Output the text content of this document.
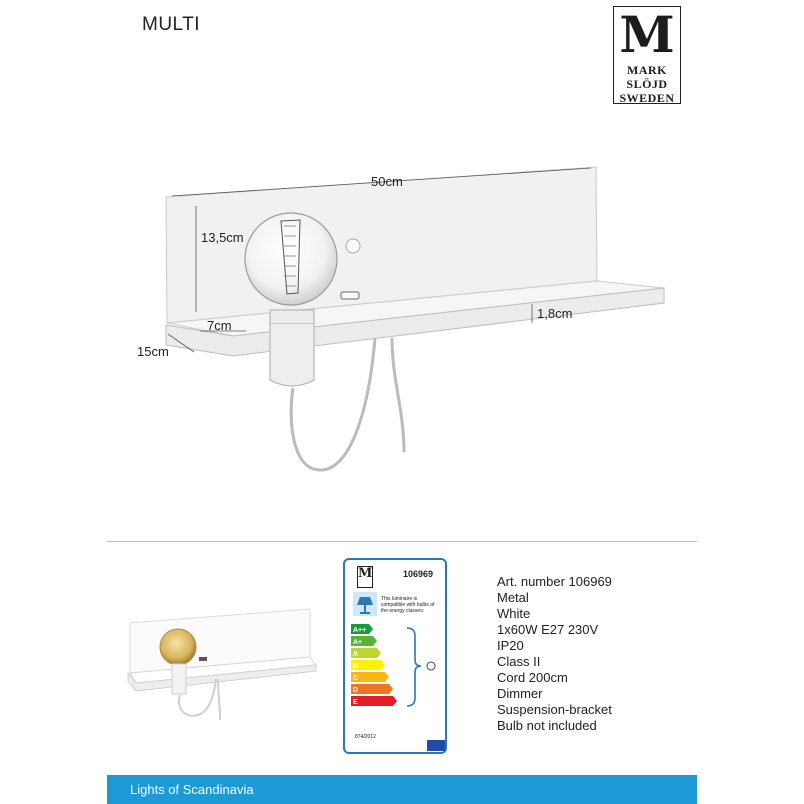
MULTI	M
MARK
SLÖJD
SWEDEN
50cm
13,5cm
1,8cm
7cm
15cm
M	106969
This luminaire is compatible with bulbs of the energy classes:
A++
A+
A
B
C
D
E
874/2012
Art. number 106969
Metal
White
1x60W E27 230V
IP20
Class II
Cord 200cm
Dimmer
Suspension-bracket
Bulb not included
Lights of Scandinavia
